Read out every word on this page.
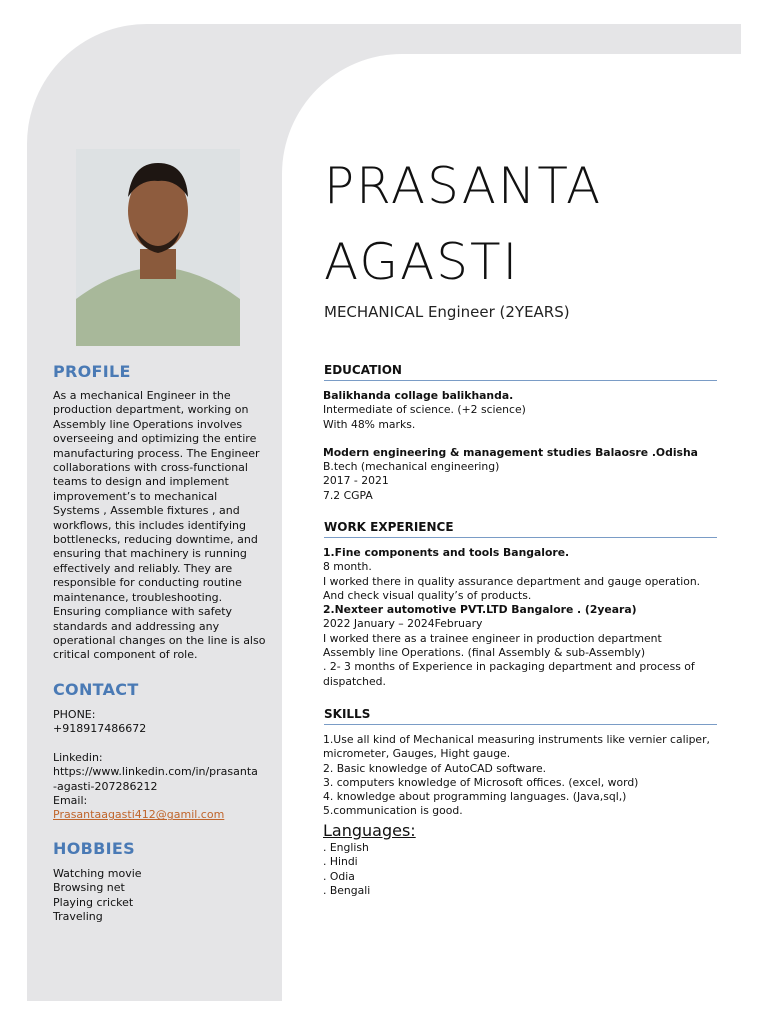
PROFILE
As a mechanical Engineer in the
production department, working on
Assembly line Operations involves
overseeing and optimizing the entire
manufacturing process. The Engineer
collaborations with cross-functional
teams to design and implement
improvement’s to mechanical
Systems , Assemble fixtures , and
workflows, this includes identifying
bottlenecks, reducing downtime, and
ensuring that machinery is running
effectively and reliably. They are
responsible for conducting routine
maintenance, troubleshooting.
Ensuring compliance with safety
standards and addressing any
operational changes on the line is also
critical component of role.
CONTACT
PHONE:
+918917486672
Linkedin:
https://www.linkedin.com/in/prasanta
-agasti-207286212
Email:
Prasantaagasti412@gamil.com
HOBBIES
Watching movie
Browsing net
Playing cricket
Traveling
PRASANTA
AGASTI
MECHANICAL Engineer (2YEARS)
EDUCATION
Balikhanda collage balikhanda.
Intermediate of science. (+2 science)
With 48% marks.
Modern engineering & management studies Balaosre .Odisha
B.tech (mechanical engineering)
2017 - 2021
7.2 CGPA
WORK EXPERIENCE
1.Fine components and tools Bangalore.
8 month.
I worked there in quality assurance department and gauge operation.
And check visual quality’s of products.
2.Nexteer automotive PVT.LTD Bangalore . (2yeara)
2022 January – 2024February
I worked there as a trainee engineer in production department
Assembly line Operations. (final Assembly & sub-Assembly)
. 2- 3 months of Experience in packaging department and process of
dispatched.
SKILLS
1.Use all kind of Mechanical measuring instruments like vernier caliper,
micrometer, Gauges, Hight gauge.
2. Basic knowledge of AutoCAD software.
3. computers knowledge of Microsoft offices. (excel, word)
4. knowledge about programming languages. (Java,sql,)
5.communication is good.
Languages:
. English
. Hindi
. Odia
. Bengali
